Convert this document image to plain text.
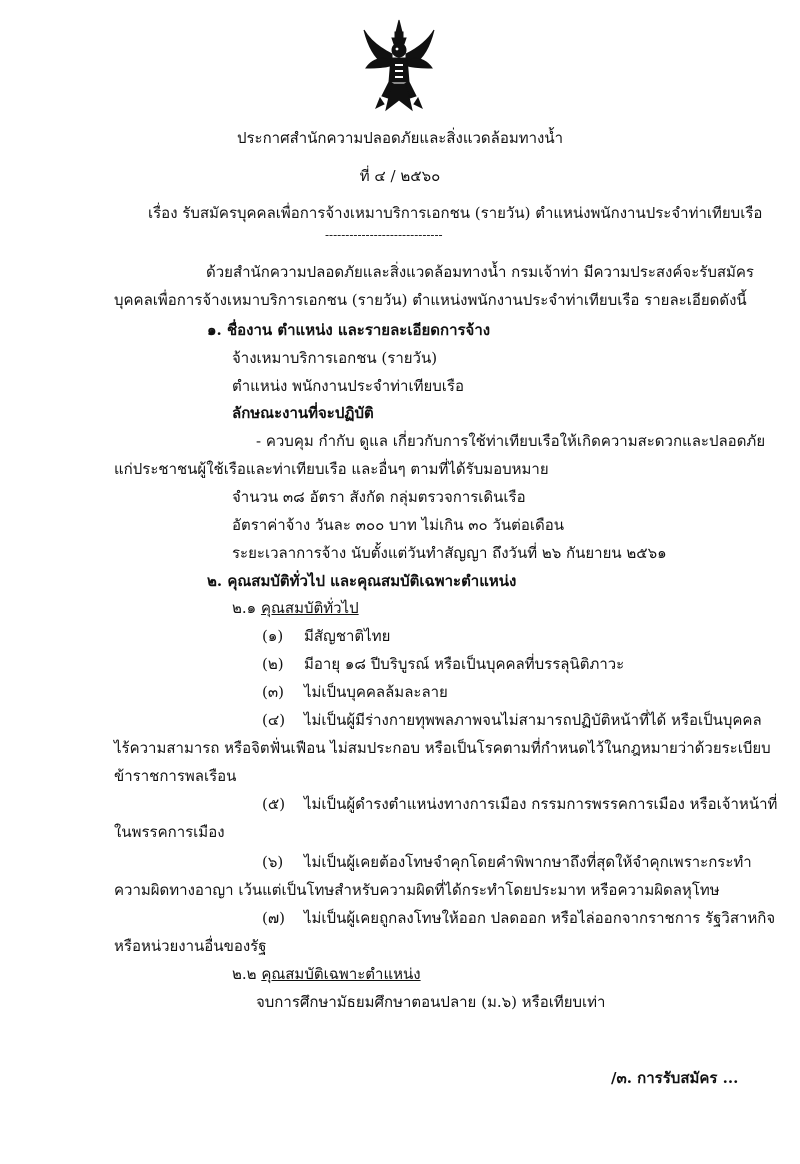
ประกาศสำนักความปลอดภัยและสิ่งแวดล้อมทางน้ำ
ที่ ๔ / ๒๕๖๐
เรื่อง รับสมัครบุคคลเพื่อการจ้างเหมาบริการเอกชน (รายวัน) ตำแหน่งพนักงานประจำท่าเทียบเรือ
-----------------------------
ด้วยสำนักความปลอดภัยและสิ่งแวดล้อมทางน้ำ กรมเจ้าท่า มีความประสงค์จะรับสมัคร
บุคคลเพื่อการจ้างเหมาบริการเอกชน (รายวัน) ตำแหน่งพนักงานประจำท่าเทียบเรือ รายละเอียดดังนี้
๑. ชื่องาน ตำแหน่ง และรายละเอียดการจ้าง
จ้างเหมาบริการเอกชน (รายวัน)
ตำแหน่ง พนักงานประจำท่าเทียบเรือ
ลักษณะงานที่จะปฏิบัติ
- ควบคุม กำกับ ดูแล เกี่ยวกับการใช้ท่าเทียบเรือให้เกิดความสะดวกและปลอดภัย
แก่ประชาชนผู้ใช้เรือและท่าเทียบเรือ และอื่นๆ ตามที่ได้รับมอบหมาย
จำนวน ๓๘ อัตรา สังกัด กลุ่มตรวจการเดินเรือ
อัตราค่าจ้าง วันละ ๓๐๐ บาท ไม่เกิน ๓๐ วันต่อเดือน
ระยะเวลาการจ้าง นับตั้งแต่วันทำสัญญา ถึงวันที่ ๒๖ กันยายน ๒๕๖๑
๒. คุณสมบัติทั่วไป และคุณสมบัติเฉพาะตำแหน่ง
๒.๑ คุณสมบัติทั่วไป
(๑) มีสัญชาติไทย
(๒) มีอายุ ๑๘ ปีบริบูรณ์ หรือเป็นบุคคลที่บรรลุนิติภาวะ
(๓) ไม่เป็นบุคคลล้มละลาย
(๔) ไม่เป็นผู้มีร่างกายทุพพลภาพจนไม่สามารถปฏิบัติหน้าที่ได้ หรือเป็นบุคคล
ไร้ความสามารถ หรือจิตฟั่นเฟือน ไม่สมประกอบ หรือเป็นโรคตามที่กำหนดไว้ในกฎหมายว่าด้วยระเบียบ
ข้าราชการพลเรือน
(๕) ไม่เป็นผู้ดำรงตำแหน่งทางการเมือง กรรมการพรรคการเมือง หรือเจ้าหน้าที่
ในพรรคการเมือง
(๖) ไม่เป็นผู้เคยต้องโทษจำคุกโดยคำพิพากษาถึงที่สุดให้จำคุกเพราะกระทำ
ความผิดทางอาญา เว้นแต่เป็นโทษสำหรับความผิดที่ได้กระทำโดยประมาท หรือความผิดลหุโทษ
(๗) ไม่เป็นผู้เคยถูกลงโทษให้ออก ปลดออก หรือไล่ออกจากราชการ รัฐวิสาหกิจ
หรือหน่วยงานอื่นของรัฐ
๒.๒ คุณสมบัติเฉพาะตำแหน่ง
จบการศึกษามัธยมศึกษาตอนปลาย (ม.๖) หรือเทียบเท่า
/๓. การรับสมัคร ...
